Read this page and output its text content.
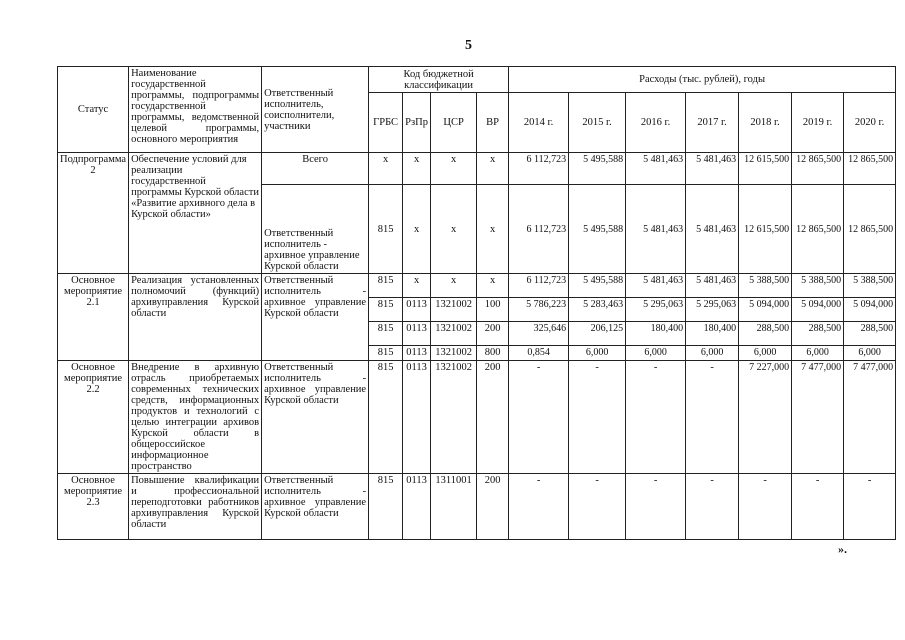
5
Статус	Наименование государственной программы, подпрограммы государственной программы, ведомственной целевой программы, основного мероприятия	Ответственный исполнитель, соисполнители, участники	Код бюджетной классификации				Расходы (тыс. рублей), годы						
			ГРБС	РзПр	ЦСР	ВР	2014 г.	2015 г.	2016 г.	2017 г.	2018 г.	2019 г.	2020 г.
Подпрограмма 2	Обеспечение условий для реализации государственной программы Курской области «Развитие архивного дела в Курской области»	Всего	х	х	х	х	6 112,723	5 495,588	5 481,463	5 481,463	12 615,500	12 865,500	12 865,500
		Ответственный исполнитель - архивное управление Курской области	815	х	х	х	6 112,723	5 495,588	5 481,463	5 481,463	12 615,500	12 865,500	12 865,500
Основное мероприятие 2.1	Реализация установленных полномочий (функций) архивуправления Курской области	Ответственный исполнитель - архивное управление Курской области	815	х	х	х	6 112,723	5 495,588	5 481,463	5 481,463	5 388,500	5 388,500	5 388,500
			815	0113	1321002	100	5 786,223	5 283,463	5 295,063	5 295,063	5 094,000	5 094,000	5 094,000
			815	0113	1321002	200	325,646	206,125	180,400	180,400	288,500	288,500	288,500
			815	0113	1321002	800	0,854	6,000	6,000	6,000	6,000	6,000	6,000
Основное мероприятие 2.2	Внедрение в архивную отрасль приобретаемых современных технических средств, информационных продуктов и технологий с целью интеграции архивов Курской области в общероссийское информационное пространство	Ответственный исполнитель - архивное управление Курской области	815	0113	1321002	200	-	-	-	-	7 227,000	7 477,000	7 477,000
Основное мероприятие 2.3	Повышение квалификации и профессиональной переподготовки работников архивуправления Курской области	Ответственный исполнитель - архивное управление Курской области	815	0113	1311001	200	-	-	-	-	-	-	-
».
